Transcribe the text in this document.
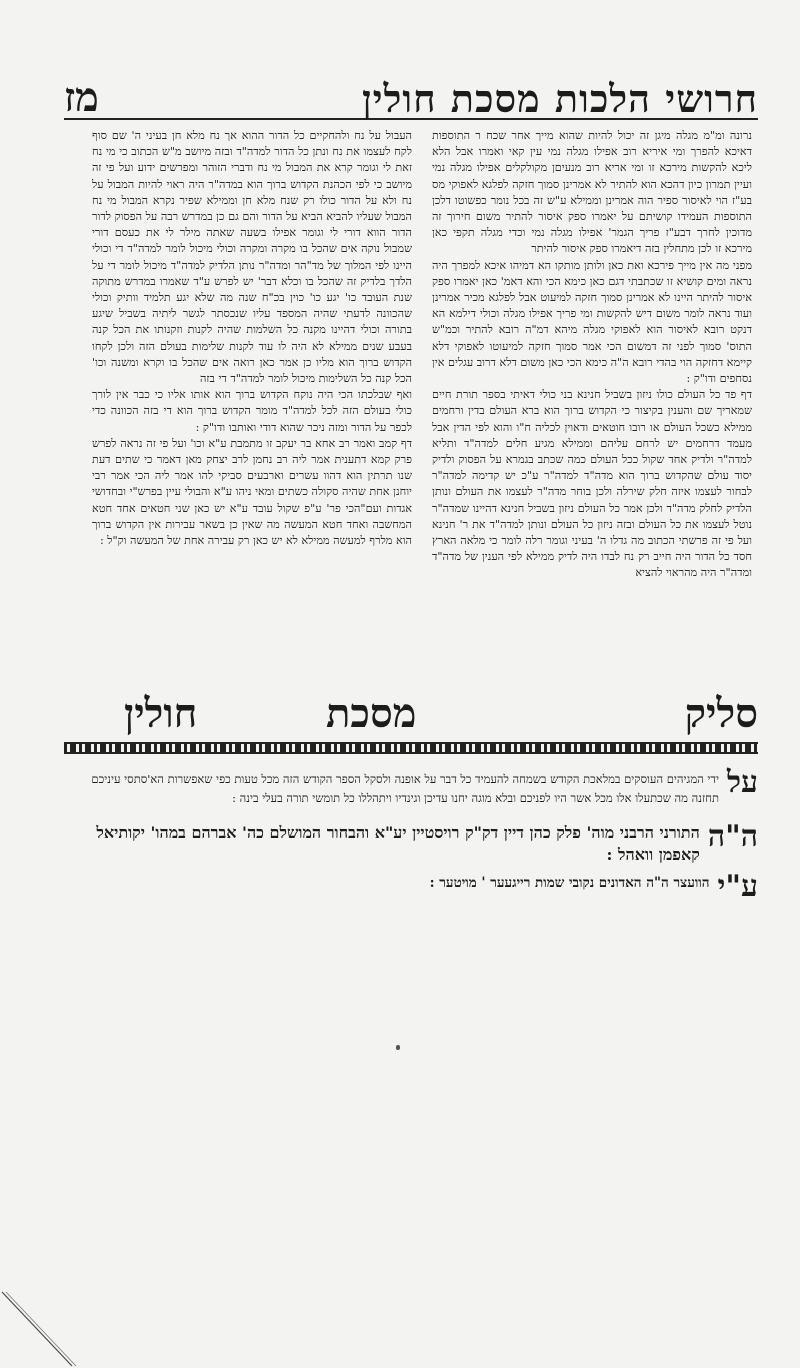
מז	חרושי הלכות מסכת חולין

נרונה ומ"מ מגלה מיגן זה יכול להיות שהוא מייך אחר שכח ר התוספות דאיכא להפרך ומי איריא רוב אפילו מגלה נמי עין קאי ואמרו אבל הלא ליכא להקשות מירכא זו ומי אריא רוב מנעיםן מקולקלים אפילו מגלה נמי ועיין תמרון כיון דהכא הוא להתיר לא אמרינן סמוך חזקה לפלגא לאפוקי מס בע"ז הוי לאיסור ספיר הוה אמרינן וממילא ע"ש זה בכל נומר כפשוטו דלכן התוספות העמידו קושיתם על יאמרו ספק איסור להתיר משום חירוך זה מדוכין לחרך דבע"ז פריך הגמר' אפילו מגלה נמי וכדי מגלה תקפי כאן מירכא זו לכן מתחלין בזה דיאמרו ספק איסור להיתר

מפני מה אין מייך פירכא ואת כאן ולותן מותקו הא דמיהו איכא למפרך היה נראה ומים קושיא זו שכתבתי דגם כאן כימא הכי והא דאמ' כאן יאמרו ספק איסור להיתר היינו לא אמרינן סמוך חזקה למיעוט אבל לפלגא מכיר אמרינן ועוד נראה לומר משום דיש להקשות ומי פריך אפילו מגלה וכולי דילמא הא דנקט רובא לאיסור הוא לאפוקי מגלה מיהא דמ"ה רובא להתיר וכמ"ש התוס' סמוך לפני זה דמשום הכי אמר סמוך חזקה למיעוטו לאפוקי דלא קיימא דחזקה הוי בהדי רובא ה"ה כימא הכי כאן משום דלא דרוב עגלים אין נסחפים ודו"ק :

דף פד כל העולם כולו ניזון בשביל חנינא בני כולי דאיתי בספר תורת חיים שמאריך שם והענין בקיצור כי הקדוש ברוך הוא ברא העולם בדין ורחמים ממילא כשכל העולם או רובו חוטאים ודאוין לכליה ח"ו והוא לפי הדין אבל מעמד דרחמים יש לרחם עליהם וממילא מגיע חלים למדה"ד ותליא למדה"ר ולדיק אחד שקול ככל העולם כמה שכתב בגמרא על הפסוק ולדיק יסוד עולם שהקדוש ברוך הוא מדה"ד למדה"ר ע"כ יש קדימה למדה"ר לבחור לעצמו איזה חלק שירלה ולכן בוחר מדה"ר לעצמו את העולם ונותן הלדיק לחלק מדה"ד ולכן אמר כל העולם ניזון בשביל חנינא דהיינו שמדה"ר נוטל לעצמו את כל העולם ובזה ניזון כל העולם ונותן למדה"ד את ר' חנינא ועל פי זה פרשתי הכתוב מה גדלו ה' בעיני וגומר רלה לומר כי מלאה הארץ חסד כל הדור היה חייב רק נח לבדו היה לדיק ממילא לפי הענין של מדה"ד ומדה"ר היה מהראוי להציא

העבול על נח ולהחקיים כל הדור ההוא אך נח מלא חן בעיני ה' שם סוף לקח לעצמו את נח ונתן כל הדור למדה"ד ובזה מיושב מ"ש הכתוב כי מי נח זאת לי וגומר קרא את המבול מי נח ודברי הזוהר ומפרשים ידוע ועל פי זה מיושב כי לפי הכהנת הקדוש ברוך הוא במדה"ר היה ראוי להיות המבול על נח ולא על הדור כולו רק שנח מלא חן וממילא שפיר נקרא המבול מי נח המבול שעליו להביא הביא על הדור והם גם כן במדרש רבה על הפסוק לדור הדור הווא דורי לי וגומר אפילו בשעה שאתה מילר לי את כעסם דורי שמבול נוקה אים שהכל בו מקרה ומקרה וכולי מיכול לומר למדה"ד די וכולי היינו לפי המלוך של מד"הר ומדה"ר נותן הלדיק למדה"ד מיכול לומר די על הלדך בלדיק זה שהכל בו וכלא דבר' יש לפרש ע"ד שאמרו במדרש מתוקה שנת העובד כו' יגע כו' כוין בכ"ח שנה מה שלא יגע תלמיד וותיק וכולי שהכוונה לדעתי שהיה המספד עליו שנכסתר לגשר ליתיה בשביל שיגע בתורה וכולי דהיינו מקנה כל השלמות שהיה לקנות וזקנותו את הכל קנה בעבע שנים ממילא לא היה לו עוד לקנות שלימות בעולם הזה ולכן לקחו הקדוש ברוך הוא מליו כן אמר כאן רואה אים שהכל בו וקרא ומשנה וכו' הכל קנה כל השלימות מיכול לומר למדה"ד די בזה

ואף שבלכתו הכי היה נוקח הקדוש ברוך הוא אותו אליו כי כבר אין לורך כולי בעולם הזה לכל למדה"ד מומר הקדוש ברוך הוא די בזה הכוונה כדי לכפר על הדור ומזה ניכר שהוא דודי ואותבו ודו"ק :

דף קמב ואמר רב אחא בר יעקב זו מתמבת ע"א וכו' ועל פי זה נראה לפרש פרק קמא דתענית אמר ליה רב נחמן לרב יצחק מאן דאמר כי שתים דעת שנו תרתין הוא דהוו עשרים וארבעים סביקי להו אמר ליה הכי אמר רבי יוחנן אחת שהיה סקולה כשתים ומאי ניהו ע"א והבולי עיין בפרש"י ובחדושי אגדות ועם"הכי פר' ע"פ שקול עובד ע"א יש כאן שני חטאים אחד חטא המחשבה ואחד חטא המעשה מה שאין כן בשאר עבירות אין הקדוש ברוך הוא מלרף למעשה ממילא לא יש כאן רק עבירה אחת של המעשה וק"ל :

סליק
מסכת
חולין
על
ידי המגיהים העוסקים במלאכת הקודש בשמחה להעמיד כל דבר על אופנה ולסקל הספר הקודש הזה מכל טעות כפי שאפשרות הא'סתסי עיניכם תחזנה מה שכתעלו אלו מכל אשר היו לפניכם ובלא מוגה יחנו עדיכן וגינדיו ויתהללו כל תומשי תורה בעלי בינה :
ה"ה
התורני הרבני מוה' פלק כהן דיין דק"ק רויסטיין יע"א והבחור המושלם כה' אברהם במהו' יקותיאל קאפמן וואהל :
ע"י
הוועצר ה"ה האדונים נקובי שמות רייגעער ' מויטער :
